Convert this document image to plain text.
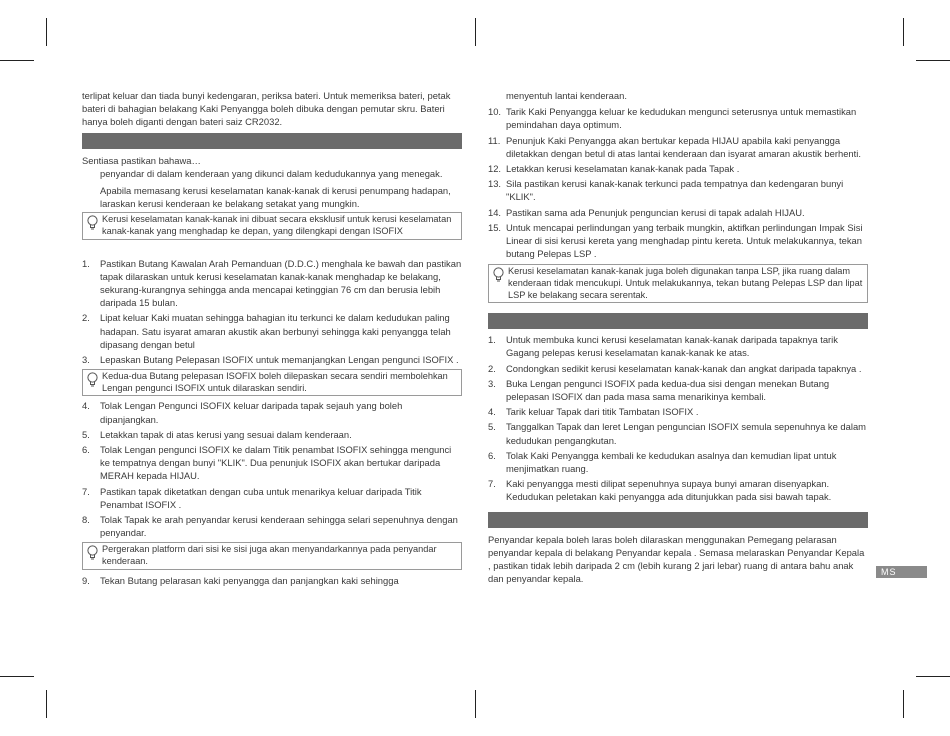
terlipat keluar dan tiada bunyi kedengaran, periksa bateri. Untuk memeriksa bateri, petak bateri di bahagian belakang Kaki Penyangga boleh dibuka dengan pemutar skru. Bateri hanya boleh diganti dengan bateri saiz CR2032.

Sentiasa pastikan bahawa…

penyandar di dalam kenderaan yang dikunci dalam kedudukannya yang menegak.

Apabila memasang kerusi keselamatan kanak-kanak di kerusi penumpang hadapan, laraskan kerusi kenderaan ke belakang setakat yang mungkin.

Kerusi keselamatan kanak-kanak ini dibuat secara eksklusif untuk kerusi keselamatan kanak-kanak yang menghadap ke depan, yang dilengkapi dengan ISOFIX
1. Pastikan Butang Kawalan Arah Pemanduan (D.D.C.) menghala ke bawah dan pastikan tapak dilaraskan untuk kerusi keselamatan kanak-kanak menghadap ke belakang, sekurang-kurangnya sehingga anda mencapai ketinggian 76 cm dan berusia lebih daripada 15 bulan.
2. Lipat keluar Kaki muatan sehingga bahagian itu terkunci ke dalam kedudukan paling hadapan. Satu isyarat amaran akustik akan berbunyi sehingga kaki penyangga telah dipasang dengan betul
3. Lepaskan Butang Pelepasan ISOFIX untuk memanjangkan Lengan pengunci ISOFIX .
Kedua-dua Butang pelepasan ISOFIX boleh dilepaskan secara sendiri membolehkan Lengan pengunci ISOFIX untuk dilaraskan sendiri.
4. Tolak Lengan Pengunci ISOFIX keluar daripada tapak sejauh yang boleh dipanjangkan.
5. Letakkan tapak di atas kerusi yang sesuai dalam kenderaan.
6. Tolak Lengan pengunci ISOFIX ke dalam Titik penambat ISOFIX sehingga mengunci ke tempatnya dengan bunyi "KLIK". Dua penunjuk ISOFIX akan bertukar daripada MERAH kepada HIJAU.
7. Pastikan tapak diketatkan dengan cuba untuk menarikya keluar daripada Titik Penambat ISOFIX .
8. Tolak Tapak ke arah penyandar kerusi kenderaan sehingga selari sepenuhnya dengan penyandar.
Pergerakan platform dari sisi ke sisi juga akan menyandarkannya pada penyandar kenderaan.
9. Tekan Butang pelarasan kaki penyangga dan panjangkan kaki sehingga

menyentuh lantai kenderaan.

10. Tarik Kaki Penyangga keluar ke kedudukan mengunci seterusnya untuk memastikan pemindahan daya optimum.
11. Penunjuk Kaki Penyangga akan bertukar kepada HIJAU apabila kaki penyangga diletakkan dengan betul di atas lantai kenderaan dan isyarat amaran akustik berhenti.
12. Letakkan kerusi keselamatan kanak-kanak pada Tapak .
13. Sila pastikan kerusi kanak-kanak terkunci pada tempatnya dan kedengaran bunyi "KLIK".
14. Pastikan sama ada Penunjuk penguncian kerusi di tapak adalah HIJAU.
15. Untuk mencapai perlindungan yang terbaik mungkin, aktifkan perlindungan Impak Sisi Linear di sisi kerusi kereta yang menghadap pintu kereta. Untuk melakukannya, tekan butang Pelepas LSP .
Kerusi keselamatan kanak-kanak juga boleh digunakan tanpa LSP, jika ruang dalam kenderaan tidak mencukupi. Untuk melakukannya, tekan butang Pelepas LSP dan lipat LSP ke belakang secara serentak.
1. Untuk membuka kunci kerusi keselamatan kanak-kanak daripada tapaknya tarik Gagang pelepas kerusi keselamatan kanak-kanak ke atas.
2. Condongkan sedikit kerusi keselamatan kanak-kanak dan angkat daripada tapaknya .
3. Buka Lengan pengunci ISOFIX pada kedua-dua sisi dengan menekan Butang pelepasan ISOFIX dan pada masa sama menarikinya kembali.
4. Tarik keluar Tapak dari titik Tambatan ISOFIX .
5. Tanggalkan Tapak dan leret Lengan penguncian ISOFIX semula sepenuhnya ke dalam kedudukan pengangkutan.
6. Tolak Kaki Penyangga kembali ke kedudukan asalnya dan kemudian lipat untuk menjimatkan ruang.
7. Kaki penyangga mesti dilipat sepenuhnya supaya bunyi amaran disenyapkan. Kedudukan peletakan kaki penyangga ada ditunjukkan pada sisi bawah tapak.

Penyandar kepala boleh laras boleh dilaraskan menggunakan Pemegang pelarasan penyandar kepala di belakang Penyandar kepala . Semasa melaraskan Penyandar Kepala , pastikan tidak lebih daripada 2 cm (lebih kurang 2 jari lebar) ruang di antara bahu anak dan penyandar kepala.

MS
